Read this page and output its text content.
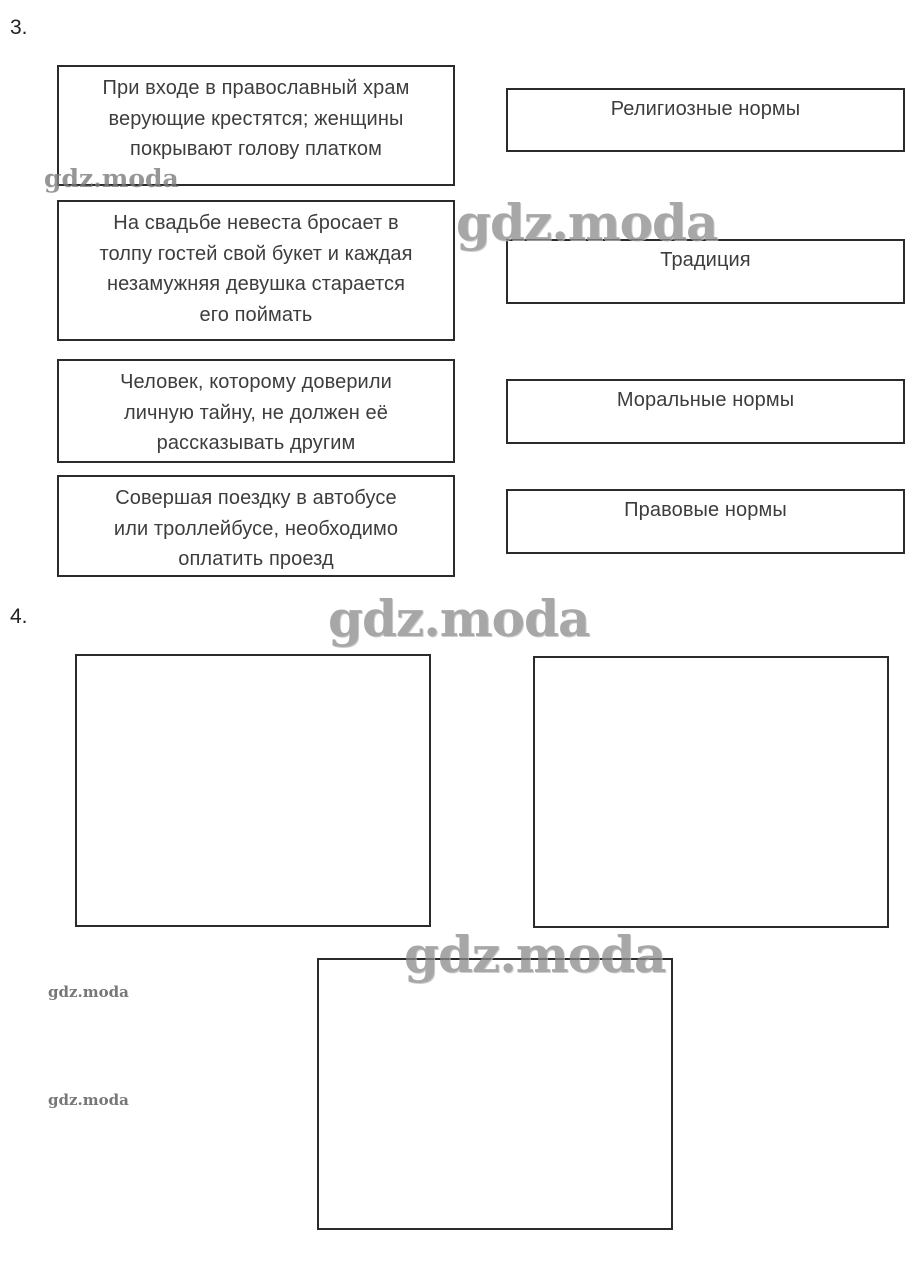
3.
При входе в православный храм
верующие крестятся; женщины
покрывают голову платком
На свадьбе невеста бросает в
толпу гостей свой букет и каждая
незамужняя девушка старается
его поймать
Человек, которому доверили
личную тайну, не должен её
рассказывать другим
Совершая поездку в автобусе
или троллейбусе, необходимо
оплатить проезд
Религиозные нормы
Традиция
Моральные нормы
Правовые нормы
4.
gdz.moda
gdz.moda
gdz.moda
gdz.moda
gdz.moda
gdz.moda
